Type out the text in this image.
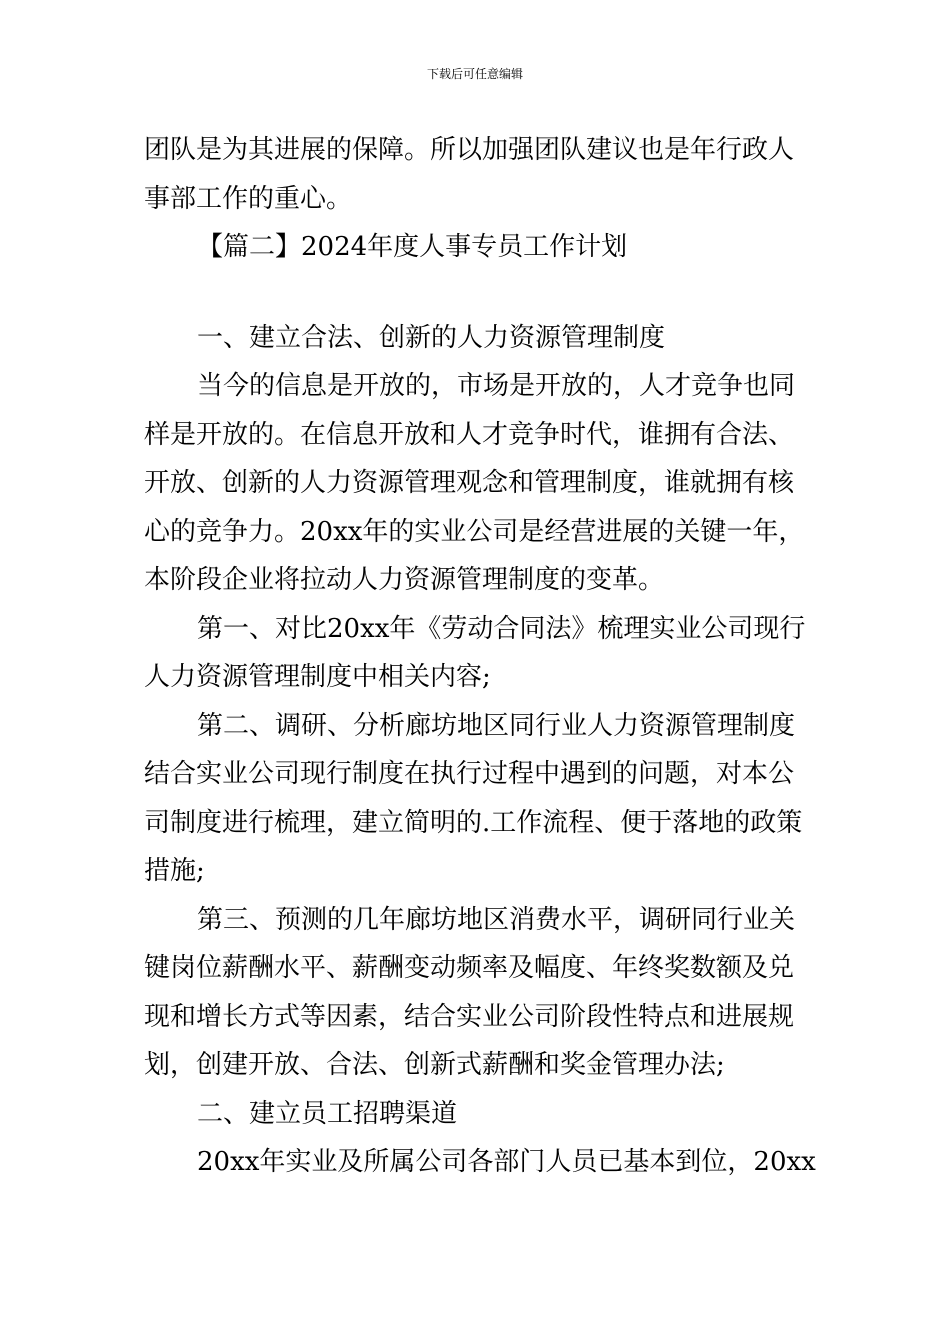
下载后可任意编辑
团队是为其进展的保障。所以加强团队建议也是年行政人
事部工作的重心。
【篇二】2024年度人事专员工作计划
一、建立合法、创新的人力资源管理制度
当今的信息是开放的，市场是开放的，人才竞争也同
样是开放的。在信息开放和人才竞争时代，谁拥有合法、
开放、创新的人力资源管理观念和管理制度，谁就拥有核
心的竞争力。20xx年的实业公司是经营进展的关键一年，
本阶段企业将拉动人力资源管理制度的变革。
第一、对比20xx年《劳动合同法》梳理实业公司现行
人力资源管理制度中相关内容;
第二、调研、分析廊坊地区同行业人力资源管理制度
结合实业公司现行制度在执行过程中遇到的问题，对本公
司制度进行梳理，建立简明的.工作流程、便于落地的政策
措施;
第三、预测的几年廊坊地区消费水平，调研同行业关
键岗位薪酬水平、薪酬变动频率及幅度、年终奖数额及兑
现和增长方式等因素，结合实业公司阶段性特点和进展规
划，创建开放、合法、创新式薪酬和奖金管理办法;
二、建立员工招聘渠道
20xx年实业及所属公司各部门人员已基本到位，20xx
